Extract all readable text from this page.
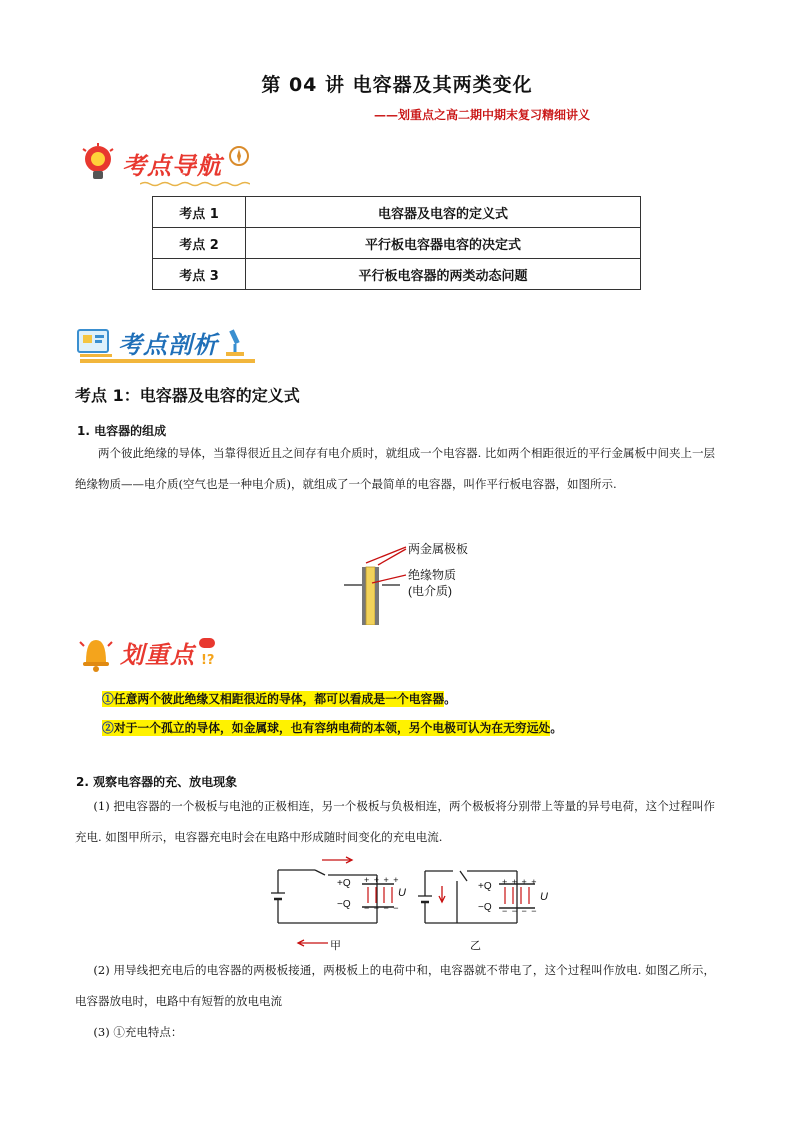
第 04 讲 电容器及其两类变化
——划重点之高二期中期末复习精细讲义
考点导航
考点 1	电容器及电容的定义式
考点 2	平行板电容器电容的决定式
考点 3	平行板电容器的两类动态问题
考点剖析
考点 1：电容器及电容的定义式
1. 电容器的组成
两个彼此绝缘的导体，当靠得很近且之间存有电介质时，就组成一个电容器. 比如两个相距很近的平行金属板中间夹上一层绝缘物质——电介质(空气也是一种电介质)，就组成了一个最简单的电容器，叫作平行板电容器，如图所示.
两金属极板
绝缘物质
(电介质)
划重点 !?
①任意两个彼此绝缘又相距很近的导体，都可以看成是一个电容器。
②对于一个孤立的导体，如金属球，也有容纳电荷的本领，另个电极可认为在无穷远处。
2. 观察电容器的充、放电现象
(1) 把电容器的一个极板与电池的正极相连，另一个极板与负极相连，两个极板将分别带上等量的异号电荷，这个过程叫作充电. 如图甲所示，电容器充电时会在电路中形成随时间变化的充电电流.
+Q
−Q
+ + + +
− − − −
U
甲
+Q
−Q
+ + + +
− − − −
U
乙
(2) 用导线把充电后的电容器的两极板接通，两极板上的电荷中和，电容器就不带电了，这个过程叫作放电. 如图乙所示，电容器放电时，电路中有短暂的放电电流
(3) ①充电特点：
